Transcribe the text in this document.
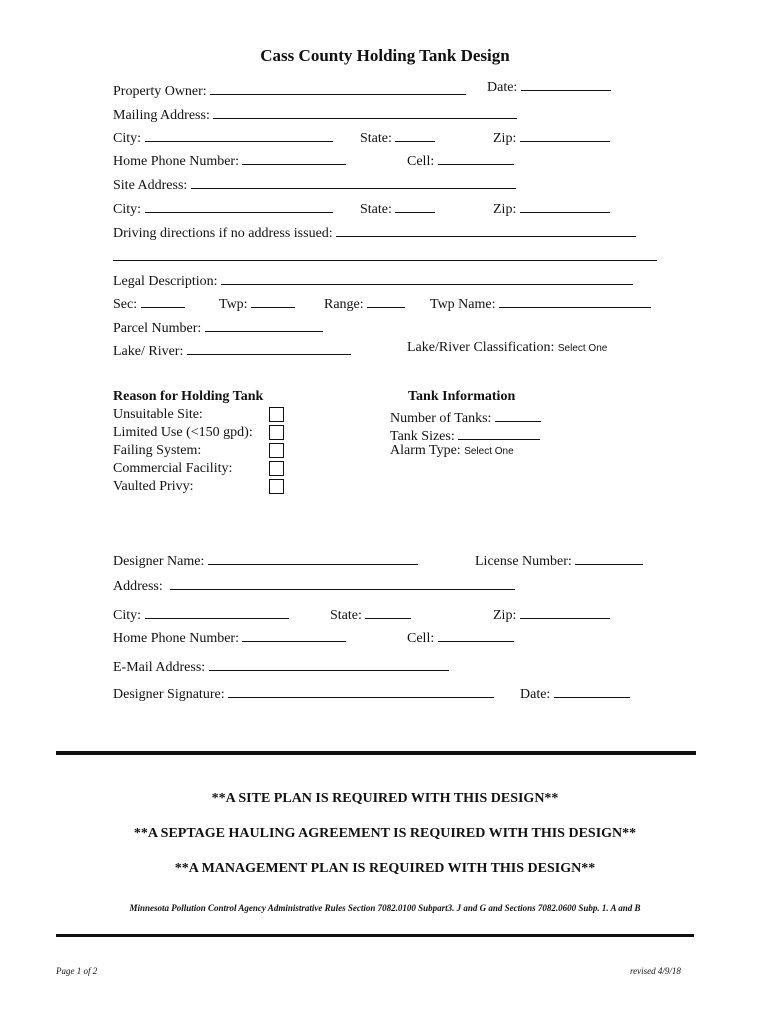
Cass County Holding Tank Design
Property Owner:	Date:
Mailing Address:
City:	State:	Zip:
Home Phone Number:	Cell:
Site Address:
City:	State:	Zip:
Driving directions if no address issued:
Legal Description:
Sec:	Twp:	Range:	Twp Name:
Parcel Number:
Lake/ River:	Lake/River Classification: Select One
Reason for Holding Tank
Unsuitable Site:
Limited Use (<150 gpd):
Failing System:
Commercial Facility:
Vaulted Privy:
Tank Information
Number of Tanks:
Tank Sizes:
Alarm Type: Select One
Designer Name:	License Number:
Address:
City:	State:	Zip:
Home Phone Number:	Cell:
E-Mail Address:
Designer Signature:	Date:
**A SITE PLAN IS REQUIRED WITH THIS DESIGN**
**A SEPTAGE HAULING AGREEMENT IS REQUIRED WITH THIS DESIGN**
**A MANAGEMENT PLAN IS REQUIRED WITH THIS DESIGN**
Minnesota Pollution Control Agency Administrative Rules Section 7082.0100 Subpart3. J and G and Sections 7082.0600 Subp. 1. A and B
Page 1 of 2	revised 4/9/18
